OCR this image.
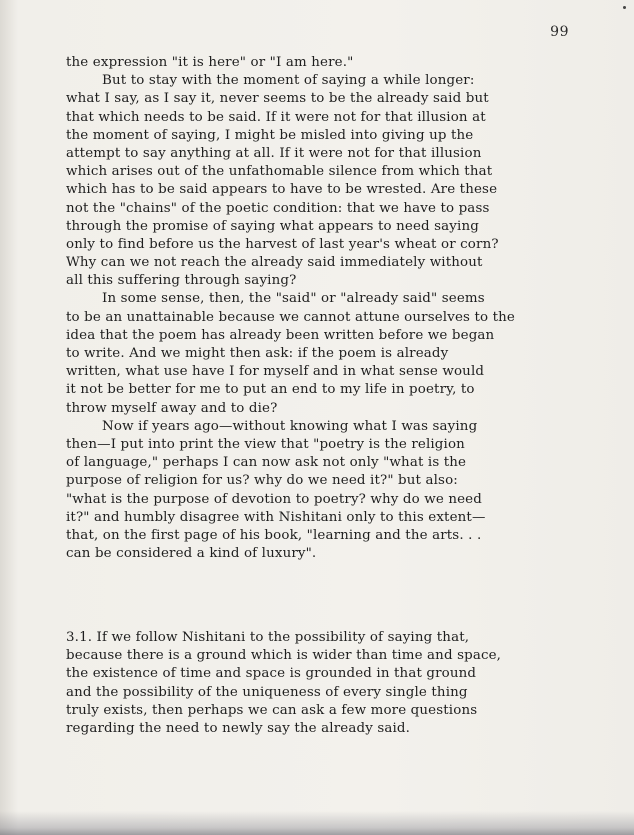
99
the expression "it is here" or "I am here."
But to stay with the moment of saying a while longer:
what I say, as I say it, never seems to be the already said but
that which needs to be said. If it were not for that illusion at
the moment of saying, I might be misled into giving up the
attempt to say anything at all. If it were not for that illusion
which arises out of the unfathomable silence from which that
which has to be said appears to have to be wrested. Are these
not the "chains" of the poetic condition: that we have to pass
through the promise of saying what appears to need saying
only to find before us the harvest of last year's wheat or corn?
Why can we not reach the already said immediately without
all this suffering through saying?
In some sense, then, the "said" or "already said" seems
to be an unattainable because we cannot attune ourselves to the
idea that the poem has already been written before we began
to write. And we might then ask: if the poem is already
written, what use have I for myself and in what sense would
it not be better for me to put an end to my life in poetry, to
throw myself away and to die?
Now if years ago—without knowing what I was saying
then—I put into print the view that "poetry is the religion
of language," perhaps I can now ask not only "what is the
purpose of religion for us? why do we need it?" but also:
"what is the purpose of devotion to poetry? why do we need
it?" and humbly disagree with Nishitani only to this extent—
that, on the first page of his book, "learning and the arts. . .
can be considered a kind of luxury".
3.1. If we follow Nishitani to the possibility of saying that,
because there is a ground which is wider than time and space,
the existence of time and space is grounded in that ground
and the possibility of the uniqueness of every single thing
truly exists, then perhaps we can ask a few more questions
regarding the need to newly say the already said.
